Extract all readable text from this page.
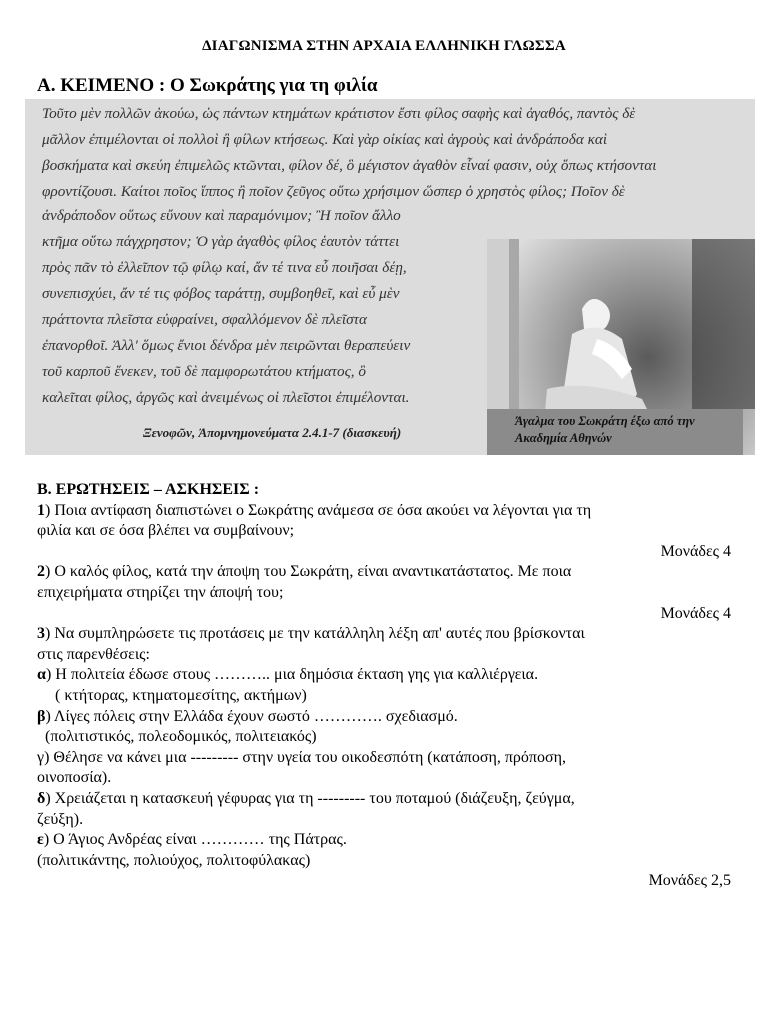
ΔΙΑΓΩΝΙΣΜΑ ΣΤΗΝ ΑΡΧΑΙΑ ΕΛΛΗΝΙΚΗ ΓΛΩΣΣΑ
Α. ΚΕΙΜΕΝΟ : Ο Σωκράτης για τη φιλία
Τοῦτο μὲν πολλῶν ἀκούω, ὡς πάντων κτημάτων κράτιστον ἔστι φίλος σαφὴς καὶ ἀγαθός, παντὸς δὲ
μᾶλλον ἐπιμέλονται οἱ πολλοὶ ἢ φίλων κτήσεως. Καὶ γὰρ οἰκίας καὶ ἀγροὺς καὶ ἀνδράποδα καὶ
βοσκήματα καὶ σκεύη ἐπιμελῶς κτῶνται, φίλον δέ, ὃ μέγιστον ἀγαθὸν εἶναί φασιν, οὐχ ὅπως κτήσονται
φροντίζουσι. Καίτοι ποῖος ἵππος ἢ ποῖον ζεῦγος οὕτω χρήσιμον ὥσπερ ὁ χρηστὸς φίλος; Ποῖον δὲ
ἀνδράποδον οὕτως εὔνουν καὶ παραμόνιμον; Ἢ ποῖον ἄλλο
κτῆμα οὕτω πάγχρηστον; Ὁ γὰρ ἀγαθὸς φίλος ἑαυτὸν τάττει
πρὸς πᾶν τὸ ἐλλεῖπον τῷ φίλῳ καί, ἄν τέ τινα εὖ ποιῆσαι δέῃ,
συνεπισχύει, ἄν τέ τις φόβος ταράττῃ, συμβοηθεῖ, καὶ εὖ μὲν
πράττοντα πλεῖστα εὐφραίνει, σφαλλόμενον δὲ πλεῖστα
ἐπανορθοῖ. Ἀλλ' ὅμως ἔνιοι δένδρα μὲν πειρῶνται θεραπεύειν
τοῦ καρποῦ ἕνεκεν, τοῦ δὲ παμφορωτάτου κτήματος, ὃ
καλεῖται φίλος, ἀργῶς καὶ ἀνειμένως οἱ πλεῖστοι ἐπιμέλονται.
Ξενοφῶν, Ἀπομνημονεύματα 2.4.1-7 (διασκευή)
Άγαλμα του Σωκράτη έξω από την Ακαδημία Αθηνών
Β. ΕΡΩΤΗΣΕΙΣ – ΑΣΚΗΣΕΙΣ :
1) Ποια αντίφαση διαπιστώνει ο Σωκράτης ανάμεσα σε όσα ακούει να λέγονται για τη
φιλία και σε όσα βλέπει να συμβαίνουν;
Μονάδες 4
2) Ο καλός φίλος, κατά την άποψη του Σωκράτη, είναι αναντικατάστατος. Με ποια
επιχειρήματα στηρίζει την άποψή του;
Μονάδες 4
3) Να συμπληρώσετε τις προτάσεις με την κατάλληλη λέξη απ' αυτές που βρίσκονται
στις παρενθέσεις:
α) Η πολιτεία έδωσε στους ……….. μια δημόσια έκταση γης για καλλιέργεια.
( κτήτορας, κτηματομεσίτης, ακτήμων)
β) Λίγες πόλεις στην Ελλάδα έχουν σωστό …………. σχεδιασμό.
(πολιτιστικός, πολεοδομικός, πολιτειακός)
γ) Θέλησε να κάνει μια --------- στην υγεία του οικοδεσπότη (κατάποση, πρόποση,
οινοποσία).
δ) Χρειάζεται η κατασκευή γέφυρας για τη --------- του ποταμού (διάζευξη, ζεύγμα,
ζεύξη).
ε) Ο Άγιος Ανδρέας είναι ………… της Πάτρας.
(πολιτικάντης, πολιούχος, πολιτοφύλακας)
Μονάδες 2,5
